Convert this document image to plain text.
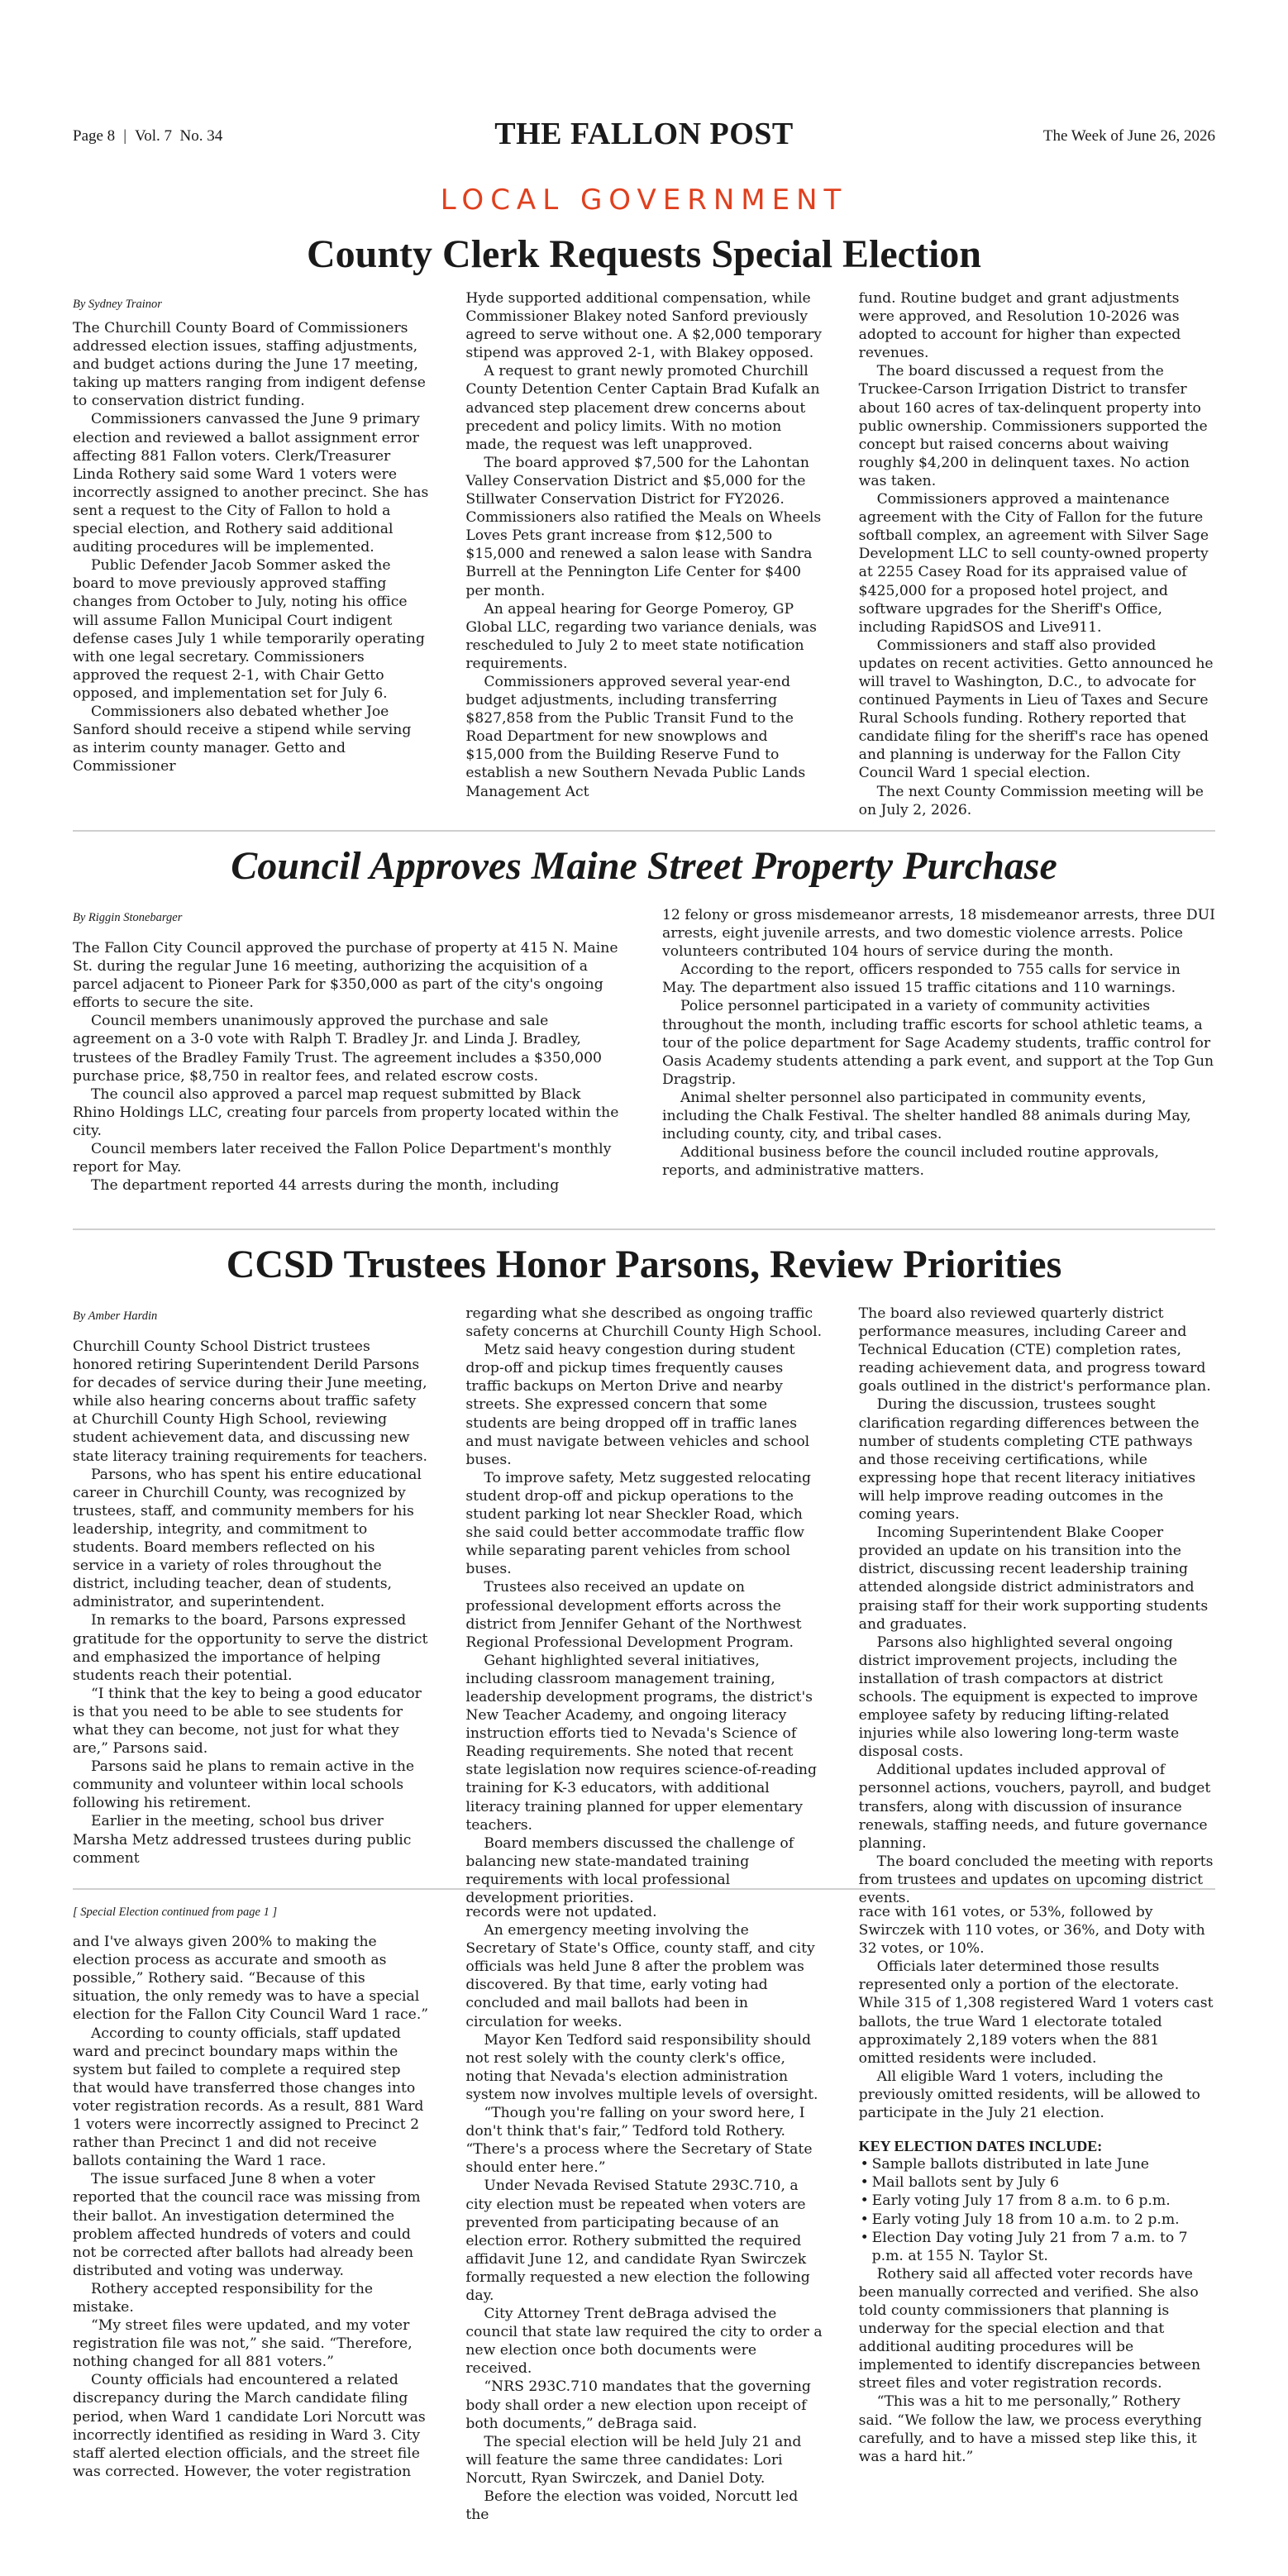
Page 8 | Vol. 7  No. 34	THE FALLON POST	The Week of June 26, 2026
LOCAL GOVERNMENT
County Clerk Requests Special Election
By Sydney Trainor

The Churchill County Board of Commissioners addressed election issues, staffing adjustments, and budget actions during the June 17 meeting, taking up matters ranging from indigent defense to conservation district funding.

Commissioners canvassed the June 9 primary election and reviewed a ballot assignment error affecting 881 Fallon voters. Clerk/Treasurer Linda Rothery said some Ward 1 voters were incorrectly assigned to another precinct. She has sent a request to the City of Fallon to hold a special election, and Rothery said additional auditing procedures will be implemented.

Public Defender Jacob Sommer asked the board to move previously approved staffing changes from October to July, noting his office will assume Fallon Municipal Court indigent defense cases July 1 while temporarily operating with one legal secretary. Commissioners approved the request 2-1, with Chair Getto opposed, and implementation set for July 6.

Commissioners also debated whether Joe Sanford should receive a stipend while serving as interim county manager. Getto and Commissioner

Hyde supported additional compensation, while Commissioner Blakey noted Sanford previously agreed to serve without one. A $2,000 temporary stipend was approved 2-1, with Blakey opposed.

A request to grant newly promoted Churchill County Detention Center Captain Brad Kufalk an advanced step placement drew concerns about precedent and policy limits. With no motion made, the request was left unapproved.

The board approved $7,500 for the Lahontan Valley Conservation District and $5,000 for the Stillwater Conservation District for FY2026. Commissioners also ratified the Meals on Wheels Loves Pets grant increase from $12,500 to $15,000 and renewed a salon lease with Sandra Burrell at the Pennington Life Center for $400 per month.

An appeal hearing for George Pomeroy, GP Global LLC, regarding two variance denials, was rescheduled to July 2 to meet state notification requirements.

Commissioners approved several year-end budget adjustments, including transferring $827,858 from the Public Transit Fund to the Road Department for new snowplows and $15,000 from the Building Reserve Fund to establish a new Southern Nevada Public Lands Management Act

fund. Routine budget and grant adjustments were approved, and Resolution 10-2026 was adopted to account for higher than expected revenues.

The board discussed a request from the Truckee-Carson Irrigation District to transfer about 160 acres of tax-delinquent property into public ownership. Commissioners supported the concept but raised concerns about waiving roughly $4,200 in delinquent taxes. No action was taken.

Commissioners approved a maintenance agreement with the City of Fallon for the future softball complex, an agreement with Silver Sage Development LLC to sell county-owned property at 2255 Casey Road for its appraised value of $425,000 for a proposed hotel project, and software upgrades for the Sheriff's Office, including RapidSOS and Live911.

Commissioners and staff also provided updates on recent activities. Getto announced he will travel to Washington, D.C., to advocate for continued Payments in Lieu of Taxes and Secure Rural Schools funding. Rothery reported that candidate filing for the sheriff's race has opened and planning is underway for the Fallon City Council Ward 1 special election.

The next County Commission meeting will be on July 2, 2026.

Council Approves Maine Street Property Purchase
By Riggin Stonebarger

The Fallon City Council approved the purchase of property at 415 N. Maine St. during the regular June 16 meeting, authorizing the acquisition of a parcel adjacent to Pioneer Park for $350,000 as part of the city's ongoing efforts to secure the site.

Council members unanimously approved the purchase and sale agreement on a 3-0 vote with Ralph T. Bradley Jr. and Linda J. Bradley, trustees of the Bradley Family Trust. The agreement includes a $350,000 purchase price, $8,750 in realtor fees, and related escrow costs.

The council also approved a parcel map request submitted by Black Rhino Holdings LLC, creating four parcels from property located within the city.

Council members later received the Fallon Police Department's monthly report for May.

The department reported 44 arrests during the month, including

12 felony or gross misdemeanor arrests, 18 misdemeanor arrests, three DUI arrests, eight juvenile arrests, and two domestic violence arrests. Police volunteers contributed 104 hours of service during the month.

According to the report, officers responded to 755 calls for service in May. The department also issued 15 traffic citations and 110 warnings.

Police personnel participated in a variety of community activities throughout the month, including traffic escorts for school athletic teams, a tour of the police department for Sage Academy students, traffic control for Oasis Academy students attending a park event, and support at the Top Gun Dragstrip.

Animal shelter personnel also participated in community events, including the Chalk Festival. The shelter handled 88 animals during May, including county, city, and tribal cases.

Additional business before the council included routine approvals, reports, and administrative matters.

CCSD Trustees Honor Parsons, Review Priorities
By Amber Hardin

Churchill County School District trustees honored retiring Superintendent Derild Parsons for decades of service during their June meeting, while also hearing concerns about traffic safety at Churchill County High School, reviewing student achievement data, and discussing new state literacy training requirements for teachers.

Parsons, who has spent his entire educational career in Churchill County, was recognized by trustees, staff, and community members for his leadership, integrity, and commitment to students. Board members reflected on his service in a variety of roles throughout the district, including teacher, dean of students, administrator, and superintendent.

In remarks to the board, Parsons expressed gratitude for the opportunity to serve the district and emphasized the importance of helping students reach their potential.

“I think that the key to being a good educator is that you need to be able to see students for what they can become, not just for what they are,” Parsons said.

Parsons said he plans to remain active in the community and volunteer within local schools following his retirement.

Earlier in the meeting, school bus driver Marsha Metz addressed trustees during public comment

regarding what she described as ongoing traffic safety concerns at Churchill County High School.

Metz said heavy congestion during student drop-off and pickup times frequently causes traffic backups on Merton Drive and nearby streets. She expressed concern that some students are being dropped off in traffic lanes and must navigate between vehicles and school buses.

To improve safety, Metz suggested relocating student drop-off and pickup operations to the student parking lot near Sheckler Road, which she said could better accommodate traffic flow while separating parent vehicles from school buses.

Trustees also received an update on professional development efforts across the district from Jennifer Gehant of the Northwest Regional Professional Development Program.

Gehant highlighted several initiatives, including classroom management training, leadership development programs, the district's New Teacher Academy, and ongoing literacy instruction efforts tied to Nevada's Science of Reading requirements. She noted that recent state legislation now requires science-of-reading training for K-3 educators, with additional literacy training planned for upper elementary teachers.

Board members discussed the challenge of balancing new state-mandated training requirements with local professional development priorities.

The board also reviewed quarterly district performance measures, including Career and Technical Education (CTE) completion rates, reading achievement data, and progress toward goals outlined in the district's performance plan.

During the discussion, trustees sought clarification regarding differences between the number of students completing CTE pathways and those receiving certifications, while expressing hope that recent literacy initiatives will help improve reading outcomes in the coming years.

Incoming Superintendent Blake Cooper provided an update on his transition into the district, discussing recent leadership training attended alongside district administrators and praising staff for their work supporting students and graduates.

Parsons also highlighted several ongoing district improvement projects, including the installation of trash compactors at district schools. The equipment is expected to improve employee safety by reducing lifting-related injuries while also lowering long-term waste disposal costs.

Additional updates included approval of personnel actions, vouchers, payroll, and budget transfers, along with discussion of insurance renewals, staffing needs, and future governance planning.

The board concluded the meeting with reports from trustees and updates on upcoming district events.

[ Special Election continued from page 1 ]

and I've always given 200% to making the election process as accurate and smooth as possible,” Rothery said. “Because of this situation, the only remedy was to have a special election for the Fallon City Council Ward 1 race.”

According to county officials, staff updated ward and precinct boundary maps within the system but failed to complete a required step that would have transferred those changes into voter registration records. As a result, 881 Ward 1 voters were incorrectly assigned to Precinct 2 rather than Precinct 1 and did not receive ballots containing the Ward 1 race.

The issue surfaced June 8 when a voter reported that the council race was missing from their ballot. An investigation determined the problem affected hundreds of voters and could not be corrected after ballots had already been distributed and voting was underway.

Rothery accepted responsibility for the mistake.

“My street files were updated, and my voter registration file was not,” she said. “Therefore, nothing changed for all 881 voters.”

County officials had encountered a related discrepancy during the March candidate filing period, when Ward 1 candidate Lori Norcutt was incorrectly identified as residing in Ward 3. City staff alerted election officials, and the street file was corrected. However, the voter registration

records were not updated.

An emergency meeting involving the Secretary of State's Office, county staff, and city officials was held June 8 after the problem was discovered. By that time, early voting had concluded and mail ballots had been in circulation for weeks.

Mayor Ken Tedford said responsibility should not rest solely with the county clerk's office, noting that Nevada's election administration system now involves multiple levels of oversight.

“Though you're falling on your sword here, I don't think that's fair,” Tedford told Rothery. “There's a process where the Secretary of State should enter here.”

Under Nevada Revised Statute 293C.710, a city election must be repeated when voters are prevented from participating because of an election error. Rothery submitted the required affidavit June 12, and candidate Ryan Swirczek formally requested a new election the following day.

City Attorney Trent deBraga advised the council that state law required the city to order a new election once both documents were received.

“NRS 293C.710 mandates that the governing body shall order a new election upon receipt of both documents,” deBraga said.

The special election will be held July 21 and will feature the same three candidates: Lori Norcutt, Ryan Swirczek, and Daniel Doty.

Before the election was voided, Norcutt led the

race with 161 votes, or 53%, followed by Swirczek with 110 votes, or 36%, and Doty with 32 votes, or 10%.

Officials later determined those results represented only a portion of the electorate. While 315 of 1,308 registered Ward 1 voters cast ballots, the true Ward 1 electorate totaled approximately 2,189 voters when the 881 omitted residents were included.

All eligible Ward 1 voters, including the previously omitted residents, will be allowed to participate in the July 21 election.

KEY ELECTION DATES INCLUDE:
• Sample ballots distributed in late June
• Mail ballots sent by July 6
• Early voting July 17 from 8 a.m. to 6 p.m.
• Early voting July 18 from 10 a.m. to 2 p.m.
• Election Day voting July 21 from 7 a.m. to 7 p.m. at 155 N. Taylor St.

Rothery said all affected voter records have been manually corrected and verified. She also told county commissioners that planning is underway for the special election and that additional auditing procedures will be implemented to identify discrepancies between street files and voter registration records.

“This was a hit to me personally,” Rothery said. “We follow the law, we process everything carefully, and to have a missed step like this, it was a hard hit.”
